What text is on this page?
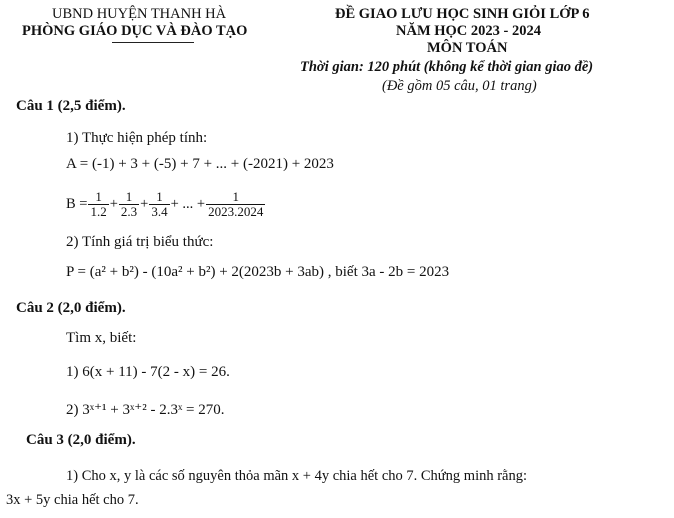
UBND HUYỆN THANH HÀ
PHÒNG GIÁO DỤC VÀ ĐÀO TẠO
ĐỀ GIAO LƯU HỌC SINH GIỎI LỚP 6
NĂM HỌC 2023 - 2024
MÔN TOÁN
Thời gian: 120 phút (không kể thời gian giao đề)
(Đề gồm 05 câu, 01 trang)
Câu 1 (2,5 điểm).
1) Thực hiện phép tính:
A = (-1) + 3 + (-5) + 7 + ... + (-2021) + 2023
$B = \frac{1}{1.2} + \frac{1}{2.3} + \frac{1}{3.4}$ + ... + $\frac{1}{2023.2024}$
2) Tính giá trị biểu thức:
P = (a² + b²) - (10a² + b²) + 2(2023b + 3ab) , biết 3a - 2b = 2023
Câu 2 (2,0 điểm).
Tìm x, biết:
1) 6(x + 11) - 7(2 - x) = 26.
2) 3ˣ⁺¹ + 3ˣ⁺² - 2.3ˣ = 270.
Câu 3 (2,0 điểm).
1) Cho x, y là các số nguyên thỏa mãn x + 4y chia hết cho 7. Chứng minh rằng:
3x + 5y chia hết cho 7.
